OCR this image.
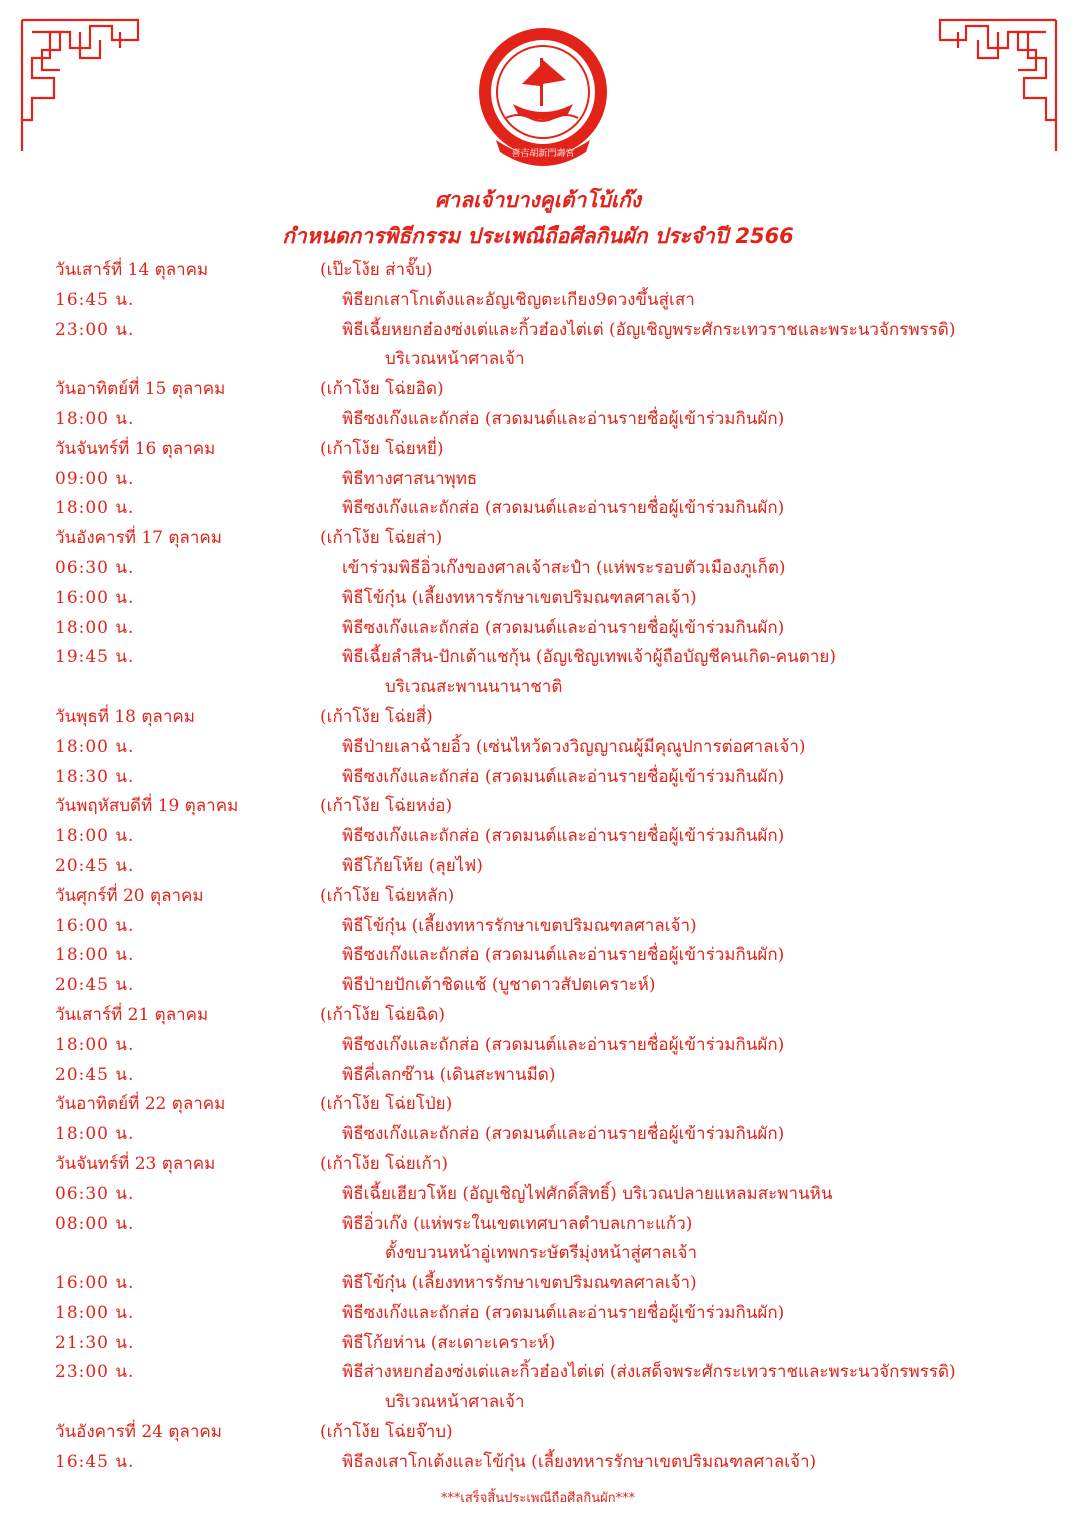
喜吉胡新門壽宮
ศาลเจ้าบางคูเต้าโบ้เก๊ง
กำหนดการพิธีกรรม ประเพณีถือศีลกินผัก ประจำปี 2566
วันเสาร์ที่ 14 ตุลาคม	(เป๊ะโง้ย ส่าจั๊บ)
16:45 น.	พิธียกเสาโกเต้งและอัญเชิญตะเกียง9ดวงขึ้นสู่เสา
23:00 น.	พิธีเฉี้ยหยกฮ๋องซ่งเต่และกิ้วฮ๋องไต่เต่ (อัญเชิญพระศักระเทวราชและพระนวจักรพรรดิ)
บริเวณหน้าศาลเจ้า
วันอาทิตย์ที่ 15 ตุลาคม	(เก้าโง้ย โฉ่ยอิด)
18:00 น.	พิธีซงเก๊งและถักส่อ (สวดมนต์และอ่านรายชื่อผู้เข้าร่วมกินผัก)
วันจันทร์ที่ 16 ตุลาคม	(เก้าโง้ย โฉ่ยหยี่)
09:00 น.	พิธีทางศาสนาพุทธ
18:00 น.	พิธีซงเก๊งและถักส่อ (สวดมนต์และอ่านรายชื่อผู้เข้าร่วมกินผัก)
วันอังคารที่ 17 ตุลาคม	(เก้าโง้ย โฉ่ยส่า)
06:30 น.	เข้าร่วมพิธีอิ่วเก๊งของศาลเจ้าสะปำ (แห่พระรอบตัวเมืองภูเก็ต)
16:00 น.	พิธีโข้กุ๋น (เลี้ยงทหารรักษาเขตปริมณฑลศาลเจ้า)
18:00 น.	พิธีซงเก๊งและถักส่อ (สวดมนต์และอ่านรายชื่อผู้เข้าร่วมกินผัก)
19:45 น.	พิธีเฉี้ยลำสีน-ปักเต้าแชกุ้น (อัญเชิญเทพเจ้าผู้ถือบัญชีคนเกิด-คนตาย)
บริเวณสะพานนานาชาติ
วันพุธที่ 18 ตุลาคม	(เก้าโง้ย โฉ่ยสี่)
18:00 น.	พิธีป่ายเลาฉ้ายอิ้ว (เซ่นไหว้ดวงวิญญาณผู้มีคุณูปการต่อศาลเจ้า)
18:30 น.	พิธีซงเก๊งและถักส่อ (สวดมนต์และอ่านรายชื่อผู้เข้าร่วมกินผัก)
วันพฤหัสบดีที่ 19 ตุลาคม	(เก้าโง้ย โฉ่ยหง่อ)
18:00 น.	พิธีซงเก๊งและถักส่อ (สวดมนต์และอ่านรายชื่อผู้เข้าร่วมกินผัก)
20:45 น.	พิธีโก้ยโห้ย (ลุยไฟ)
วันศุกร์ที่ 20 ตุลาคม	(เก้าโง้ย โฉ่ยหลัก)
16:00 น.	พิธีโข้กุ๋น (เลี้ยงทหารรักษาเขตปริมณฑลศาลเจ้า)
18:00 น.	พิธีซงเก๊งและถักส่อ (สวดมนต์และอ่านรายชื่อผู้เข้าร่วมกินผัก)
20:45 น.	พิธีป่ายปักเต้าชิดแช้ (บูชาดาวสัปตเคราะห์)
วันเสาร์ที่ 21 ตุลาคม	(เก้าโง้ย โฉ่ยฉิด)
18:00 น.	พิธีซงเก๊งและถักส่อ (สวดมนต์และอ่านรายชื่อผู้เข้าร่วมกินผัก)
20:45 น.	พิธีคี่เลกซ๊าน (เดินสะพานมีด)
วันอาทิตย์ที่ 22 ตุลาคม	(เก้าโง้ย โฉ่ยโป่ย)
18:00 น.	พิธีซงเก๊งและถักส่อ (สวดมนต์และอ่านรายชื่อผู้เข้าร่วมกินผัก)
วันจันทร์ที่ 23 ตุลาคม	(เก้าโง้ย โฉ่ยเก้า)
06:30 น.	พิธีเฉี้ยเฮียวโห้ย (อัญเชิญไฟศักดิ์สิทธิ์) บริเวณปลายแหลมสะพานหิน
08:00 น.	พิธีอิ่วเก๊ง (แห่พระในเขตเทศบาลตำบลเกาะแก้ว)
ตั้งขบวนหน้าอู่เทพกระษัตรีมุ่งหน้าสู่ศาลเจ้า
16:00 น.	พิธีโข้กุ๋น (เลี้ยงทหารรักษาเขตปริมณฑลศาลเจ้า)
18:00 น.	พิธีซงเก๊งและถักส่อ (สวดมนต์และอ่านรายชื่อผู้เข้าร่วมกินผัก)
21:30 น.	พิธีโก้ยห่าน (สะเดาะเคราะห์)
23:00 น.	พิธีส่างหยกฮ๋องซ่งเต่และกิ้วฮ๋องไต่เต่ (ส่งเสด็จพระศักระเทวราชและพระนวจักรพรรดิ)
บริเวณหน้าศาลเจ้า
วันอังคารที่ 24 ตุลาคม	(เก้าโง้ย โฉ่ยจ๊าบ)
16:45 น.	พิธีลงเสาโกเต้งและโข้กุ๋น (เลี้ยงทหารรักษาเขตปริมณฑลศาลเจ้า)
***เสร็จสิ้นประเพณีถือศีลกินผัก***
